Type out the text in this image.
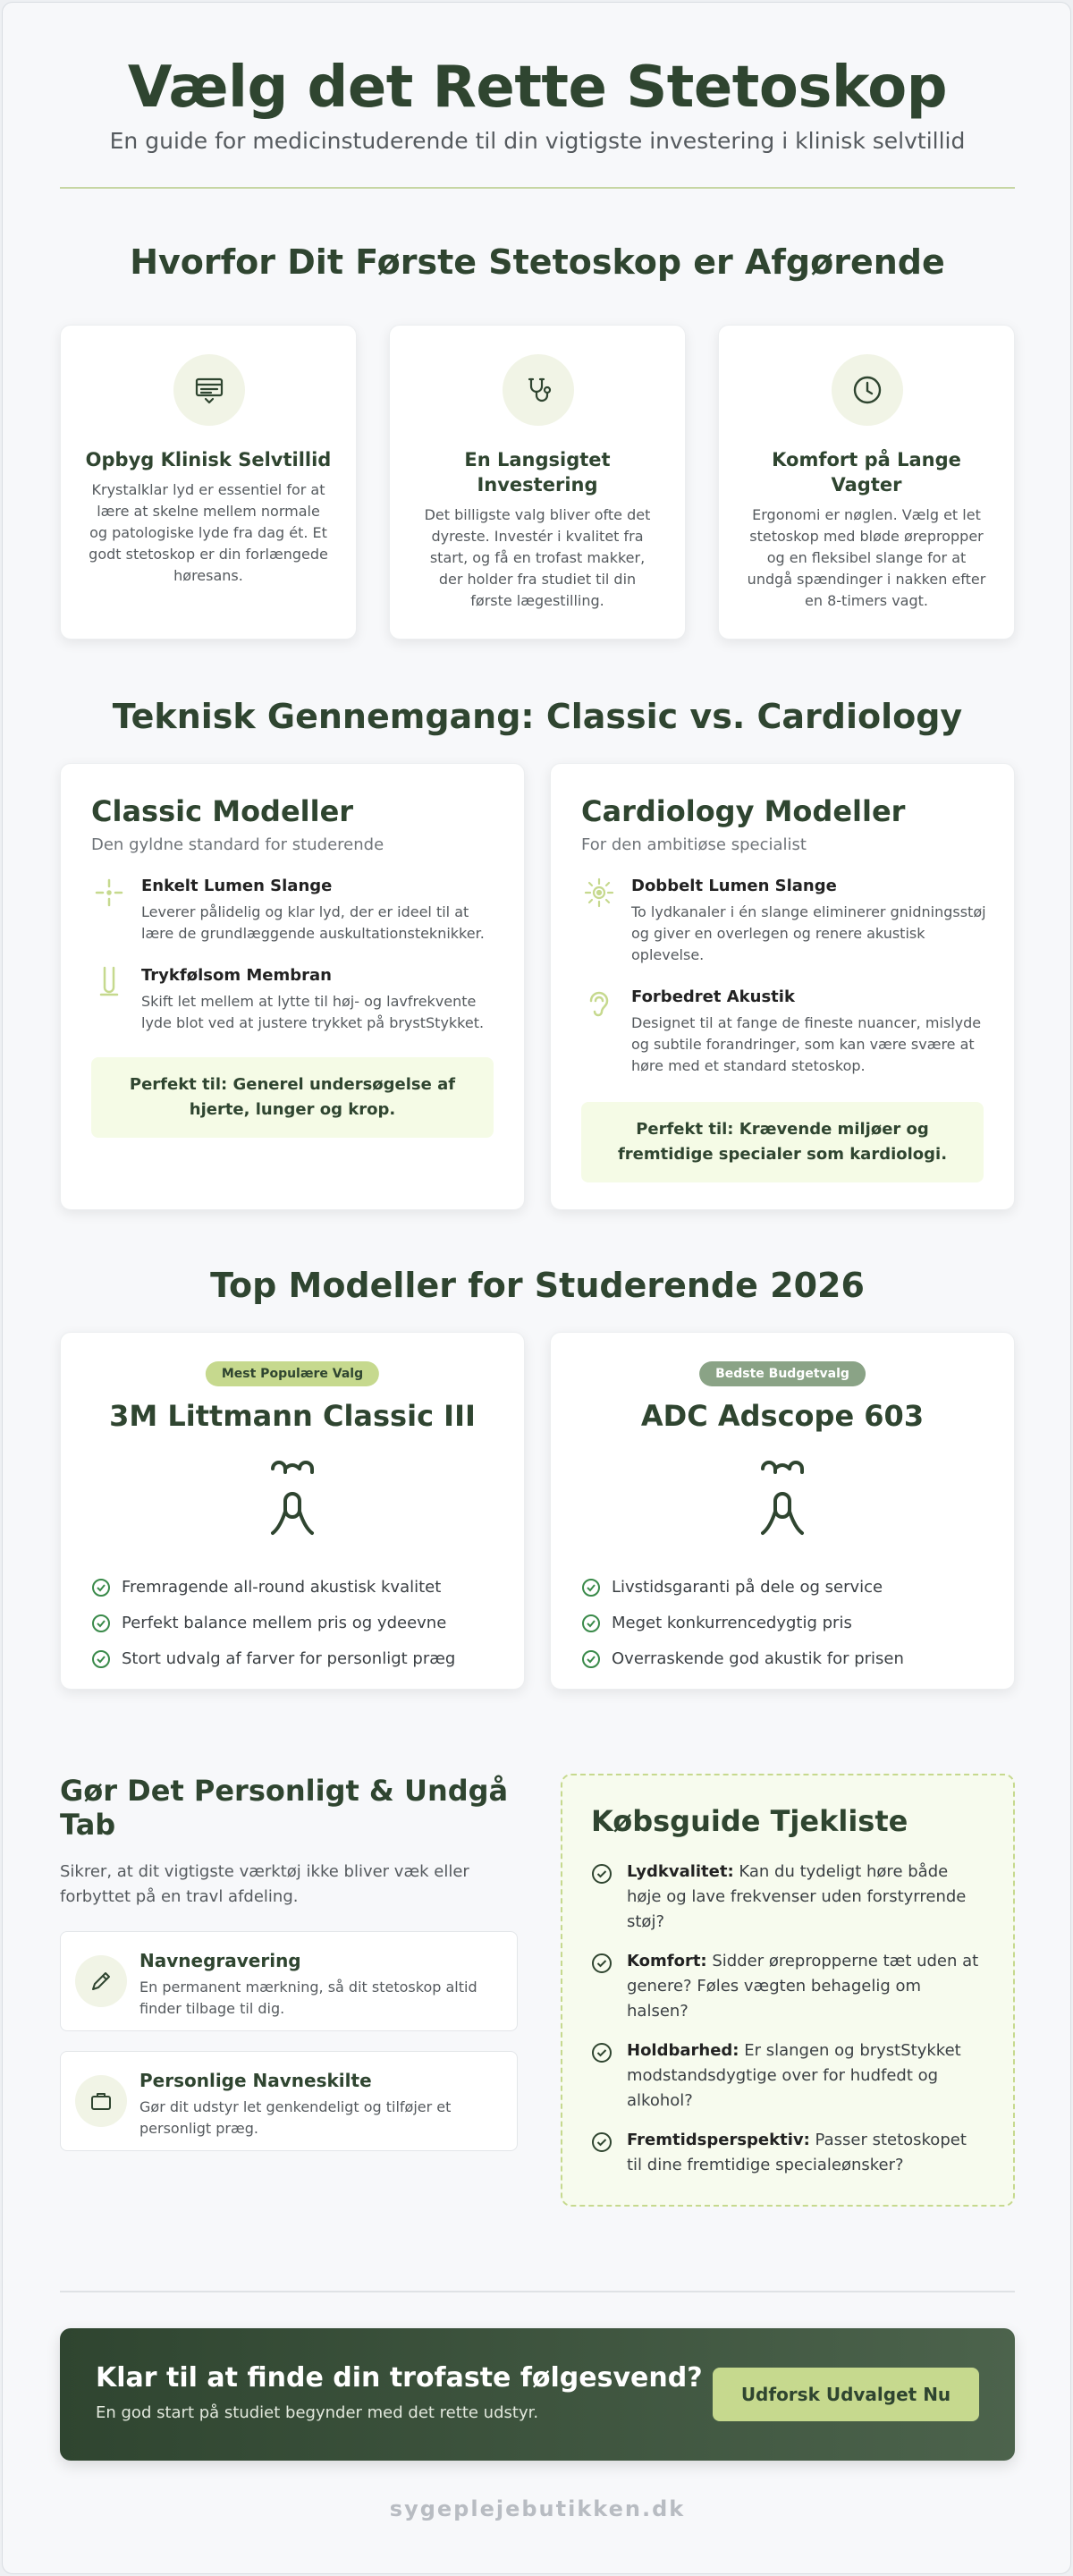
Vælg det Rette Stetoskop

En guide for medicinstuderende til din vigtigste investering i klinisk selvtillid

Hvorfor Dit Første Stetoskop er Afgørende
Opbyg Klinisk Selvtillid
Krystalklar lyd er essentiel for at lære at skelne mellem normale og patologiske lyde fra dag ét. Et godt stetoskop er din forlængede høresans.
En Langsigtet Investering
Det billigste valg bliver ofte det dyreste. Investér i kvalitet fra start, og få en trofast makker, der holder fra studiet til din første lægestilling.
Komfort på Lange Vagter
Ergonomi er nøglen. Vælg et let stetoskop med bløde ørepropper og en fleksibel slange for at undgå spændinger i nakken efter en 8-timers vagt.
Teknisk Gennemgang: Classic vs. Cardiology
Classic Modeller
Den gyldne standard for studerende
Enkelt Lumen Slange
Leverer pålidelig og klar lyd, der er ideel til at lære de grundlæggende auskultationsteknikker.
Trykfølsom Membran
Skift let mellem at lytte til høj- og lavfrekvente lyde blot ved at justere trykket på brystStykket.
Perfekt til: Generel undersøgelse af hjerte, lunger og krop.
Cardiology Modeller
For den ambitiøse specialist
Dobbelt Lumen Slange
To lydkanaler i én slange eliminerer gnidningsstøj og giver en overlegen og renere akustisk oplevelse.
Forbedret Akustik
Designet til at fange de fineste nuancer, mislyde og subtile forandringer, som kan være svære at høre med et standard stetoskop.
Perfekt til: Krævende miljøer og fremtidige specialer som kardiologi.
Top Modeller for Studerende 2026
Mest Populære Valg
3M Littmann Classic III
Fremragende all-round akustisk kvalitet
Perfekt balance mellem pris og ydeevne
Stort udvalg af farver for personligt præg
Bedste Budgetvalg
ADC Adscope 603
Livstidsgaranti på dele og service
Meget konkurrencedygtig pris
Overraskende god akustik for prisen
Gør Det Personligt & Undgå Tab

Sikrer, at dit vigtigste værktøj ikke bliver væk eller forbyttet på en travl afdeling.

Navnegravering
En permanent mærkning, så dit stetoskop altid finder tilbage til dig.
Personlige Navneskilte
Gør dit udstyr let genkendeligt og tilføjer et personligt præg.
Købsguide Tjekliste
Lydkvalitet: Kan du tydeligt høre både høje og lave frekvenser uden forstyrrende støj?
Komfort: Sidder ørepropperne tæt uden at genere? Føles vægten behagelig om halsen?
Holdbarhed: Er slangen og brystStykket modstandsdygtige over for hudfedt og alkohol?
Fremtidsperspektiv: Passer stetoskopet til dine fremtidige specialeønsker?
Klar til at finde din trofaste følgesvend?
En god start på studiet begynder med det rette udstyr.
Udforsk Udvalget Nu
sygeplejebutikken.dk
